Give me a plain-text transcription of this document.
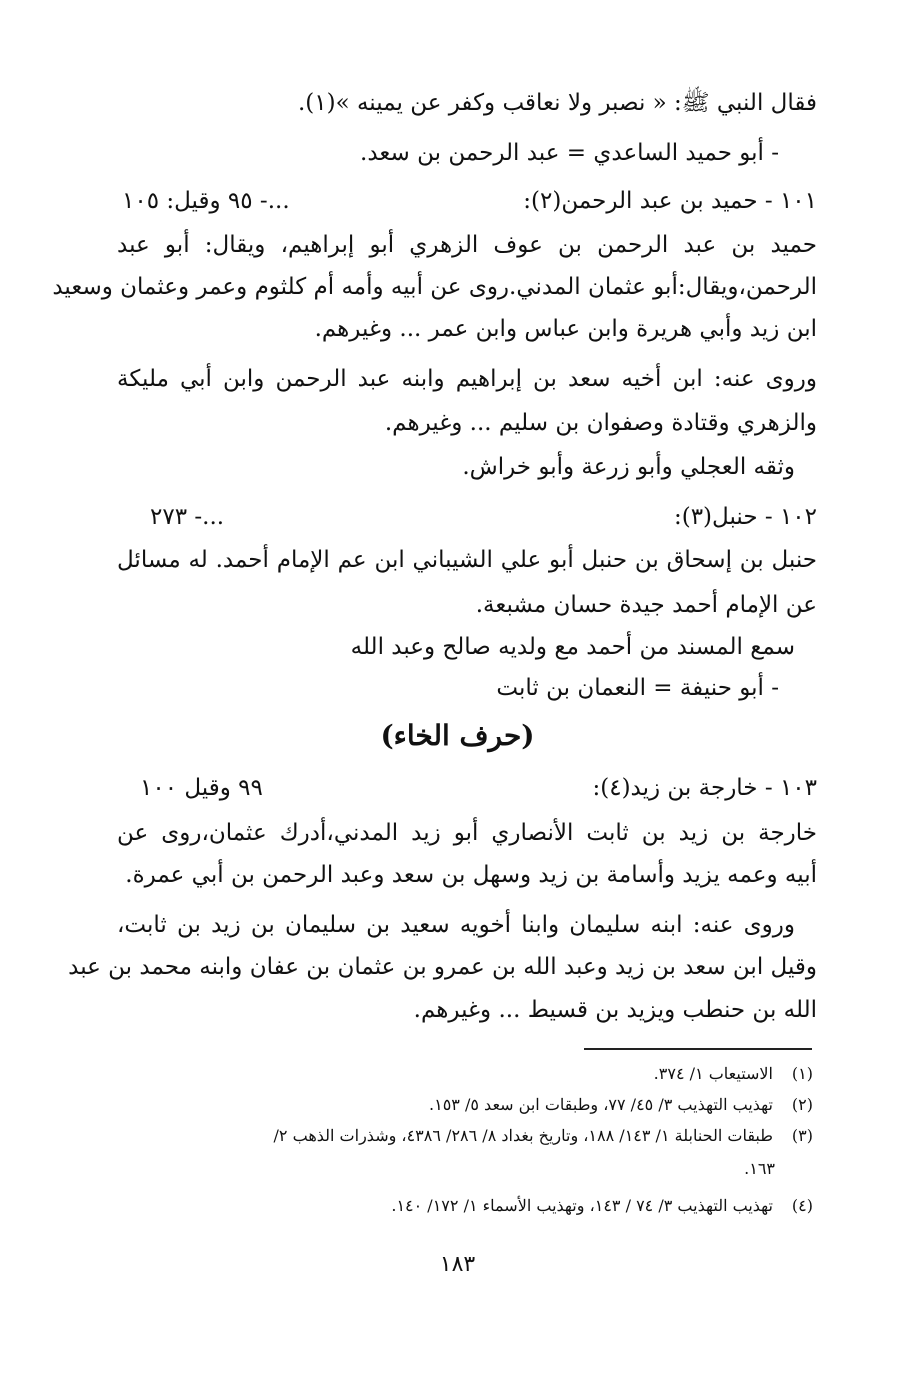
فقال النبي ﷺ: « نصبر ولا نعاقب وكفر عن يمينه »(١).
- أبو حميد الساعدي = عبد الرحمن بن سعد.
١٠١ - حميد بن عبد الرحمن(٢):
...- ٩٥ وقيل: ١٠٥
حميد بن عبد الرحمن بن عوف الزهري أبو إبراهيم، ويقال: أبو عبد
الرحمن،ويقال:أبو عثمان المدني.روى عن أبيه وأمه أم كلثوم وعمر وعثمان وسعيد
ابن زيد وأبي هريرة وابن عباس وابن عمر ... وغيرهم.
وروى عنه: ابن أخيه سعد بن إبراهيم وابنه عبد الرحمن وابن أبي مليكة
والزهري وقتادة وصفوان بن سليم ... وغيرهم.
وثقه العجلي وأبو زرعة وأبو خراش.
١٠٢ - حنبل(٣):
...- ٢٧٣
حنبل بن إسحاق بن حنبل أبو علي الشيباني ابن عم الإمام أحمد. له مسائل
عن الإمام أحمد جيدة حسان مشبعة.
سمع المسند من أحمد مع ولديه صالح وعبد الله
- أبو حنيفة = النعمان بن ثابت
(حرف الخاء)
١٠٣ - خارجة بن زيد(٤):
٩٩ وقيل ١٠٠
خارجة بن زيد بن ثابت الأنصاري أبو زيد المدني،أدرك عثمان،روى عن
أبيه وعمه يزيد وأسامة بن زيد وسهل بن سعد وعبد الرحمن بن أبي عمرة.
وروى عنه: ابنه سليمان وابنا أخويه سعيد بن سليمان بن زيد بن ثابت،
وقيل ابن سعد بن زيد وعبد الله بن عمرو بن عثمان بن عفان وابنه محمد بن عبد
الله بن حنطب ويزيد بن قسيط ... وغيرهم.
(١)الاستيعاب ١/ ٣٧٤.
(٢)تهذيب التهذيب ٣/ ٤٥/ ٧٧، وطبقات ابن سعد ٥/ ١٥٣.
(٣)طبقات الحنابلة ١/ ١٤٣/ ١٨٨، وتاريخ بغداد ٨/ ٢٨٦/ ٤٣٨٦، وشذرات الذهب ٢/
١٦٣.
(٤)تهذيب التهذيب ٣/ ٧٤ / ١٤٣، وتهذيب الأسماء ١/ ١٧٢/ ١٤٠.
١٨٣
